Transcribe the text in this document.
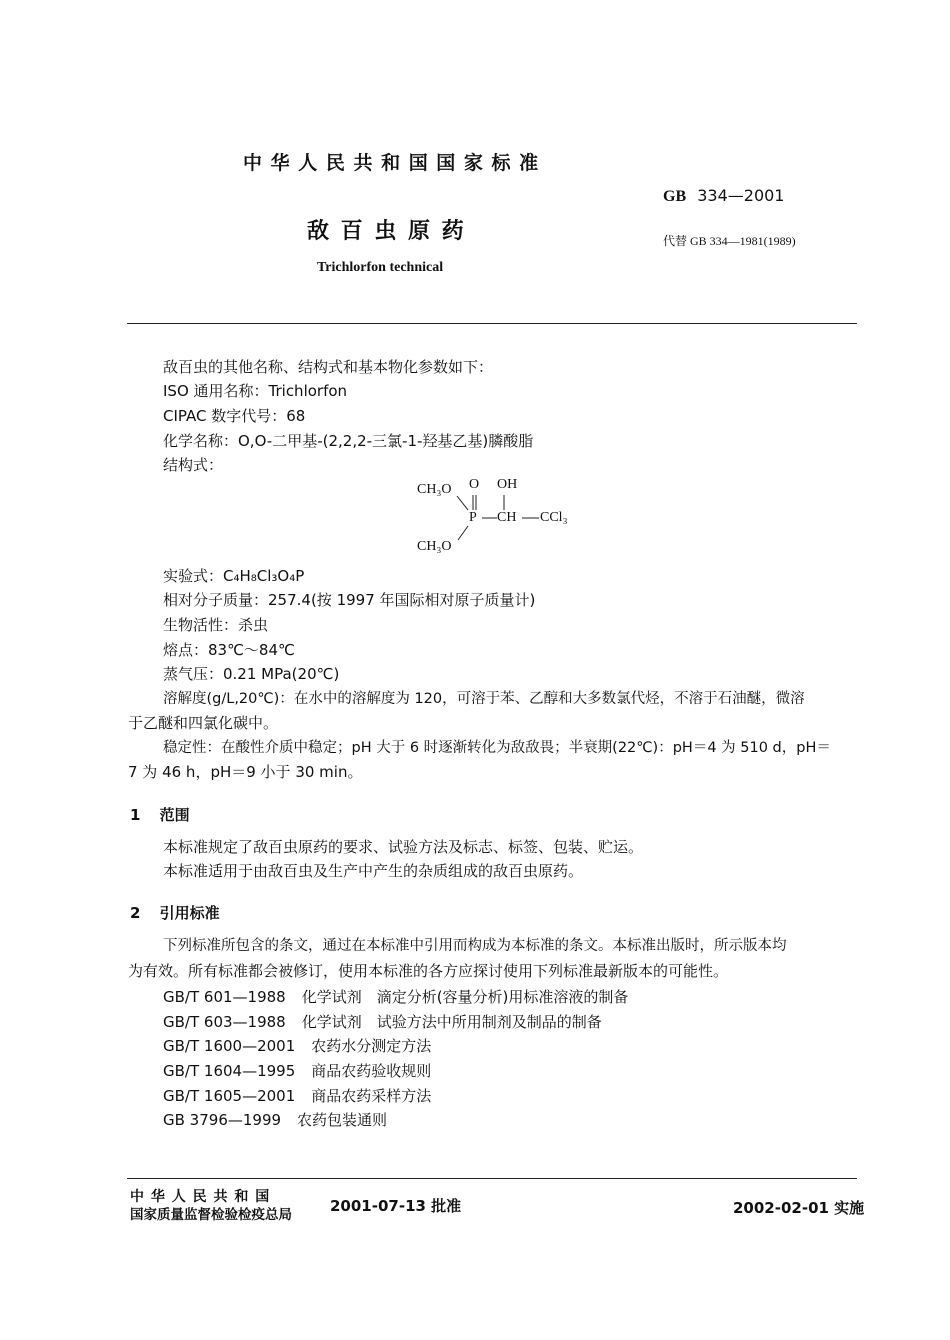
中 华 人 民 共 和 国 国 家 标 准
GB 334—2001
敌 百 虫 原 药	代替 GB 334—1981(1989)
Trichlorfon technical
敌百虫的其他名称、结构式和基本物化参数如下：
ISO 通用名称：Trichlorfon
CIPAC 数字代号：68
化学名称：O,O-二甲基-(2,2,2-三氯-1-羟基乙基)膦酸脂
结构式：
CH₃O O OH
P CH CCl₃
CH₃O
实验式：C₄H₈Cl₃O₄P
相对分子质量：257.4(按 1997 年国际相对原子质量计)
生物活性：杀虫
熔点：83℃～84℃
蒸气压：0.21 MPa(20℃)
溶解度(g/L,20℃)：在水中的溶解度为 120，可溶于苯、乙醇和大多数氯代烃，不溶于石油醚，微溶
于乙醚和四氯化碳中。
稳定性：在酸性介质中稳定；pH 大于 6 时逐渐转化为敌敌畏；半衰期(22℃)：pH＝4 为 510 d，pH＝
7 为 46 h，pH＝9 小于 30 min。
1 范围
本标准规定了敌百虫原药的要求、试验方法及标志、标签、包装、贮运。
本标准适用于由敌百虫及生产中产生的杂质组成的敌百虫原药。
2 引用标准
下列标准所包含的条文，通过在本标准中引用而构成为本标准的条文。本标准出版时，所示版本均
为有效。所有标准都会被修订，使用本标准的各方应探讨使用下列标准最新版本的可能性。
GB/T 601—1988 化学试剂　滴定分析(容量分析)用标准溶液的制备
GB/T 603—1988 化学试剂　试验方法中所用制剂及制品的制备
GB/T 1600—2001 农药水分测定方法
GB/T 1604—1995 商品农药验收规则
GB/T 1605—2001 商品农药采样方法
GB 3796—1999 农药包装通则
中 华 人 民 共 和 国
国家质量监督检验检疫总局	2001-07-13 批准	2002-02-01 实施
